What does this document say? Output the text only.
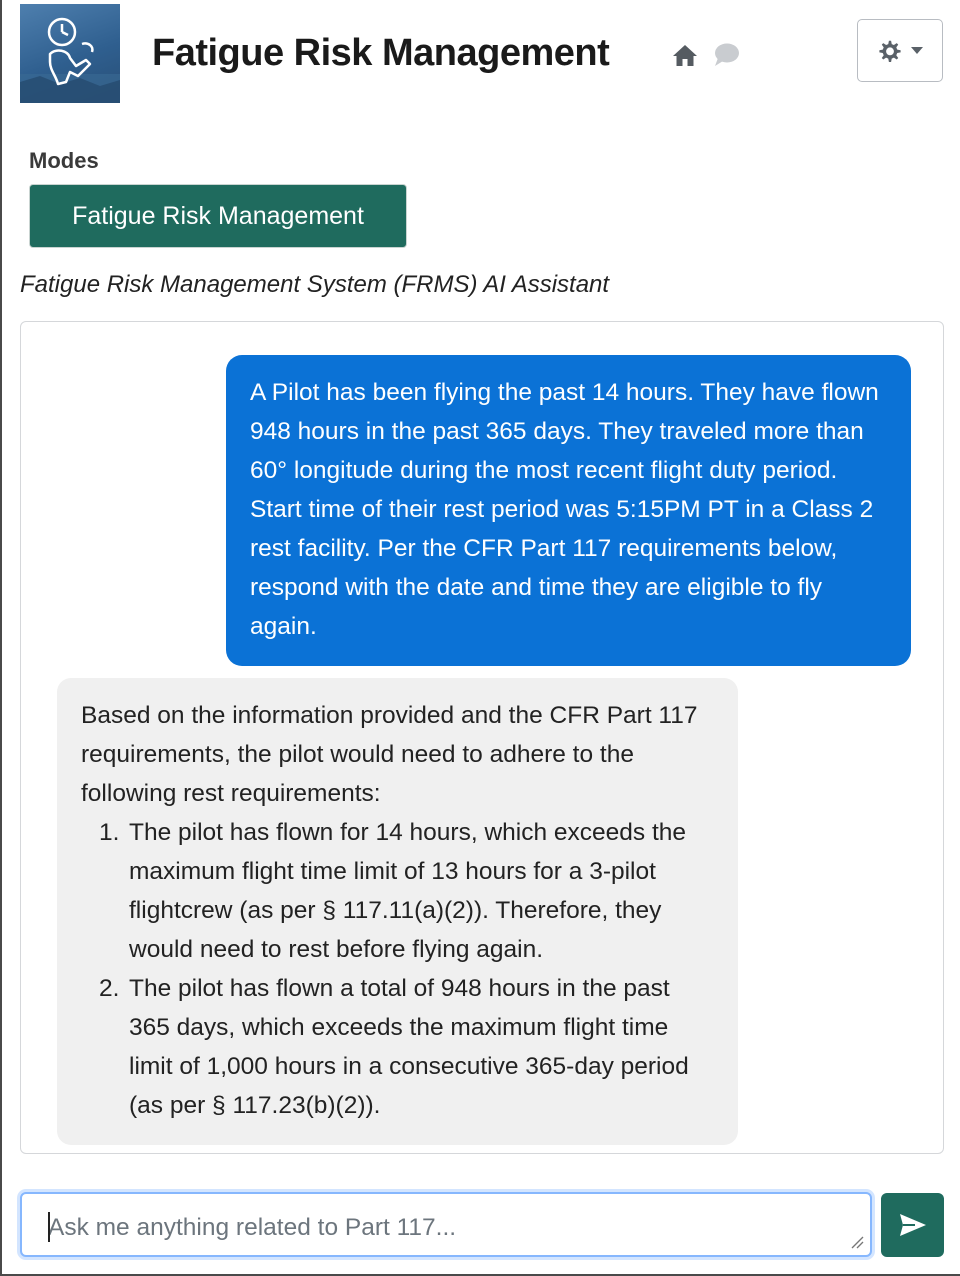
Fatigue Risk Management
Modes
Fatigue Risk Management
Fatigue Risk Management System (FRMS) AI Assistant
A Pilot has been flying the past 14 hours. They have flown 948 hours in the past 365 days. They traveled more than 60° longitude during the most recent flight duty period. Start time of their rest period was 5:15PM PT in a Class 2 rest facility. Per the CFR Part 117 requirements below, respond with the date and time they are eligible to fly again.
Based on the information provided and the CFR Part 117 requirements, the pilot would need to adhere to the following rest requirements:
1. The pilot has flown for 14 hours, which exceeds the maximum flight time limit of 13 hours for a 3-pilot flightcrew (as per § 117.11(a)(2)). Therefore, they would need to rest before flying again.
2. The pilot has flown a total of 948 hours in the past 365 days, which exceeds the maximum flight time limit of 1,000 hours in a consecutive 365-day period (as per § 117.23(b)(2)).
Ask me anything related to Part 117...
